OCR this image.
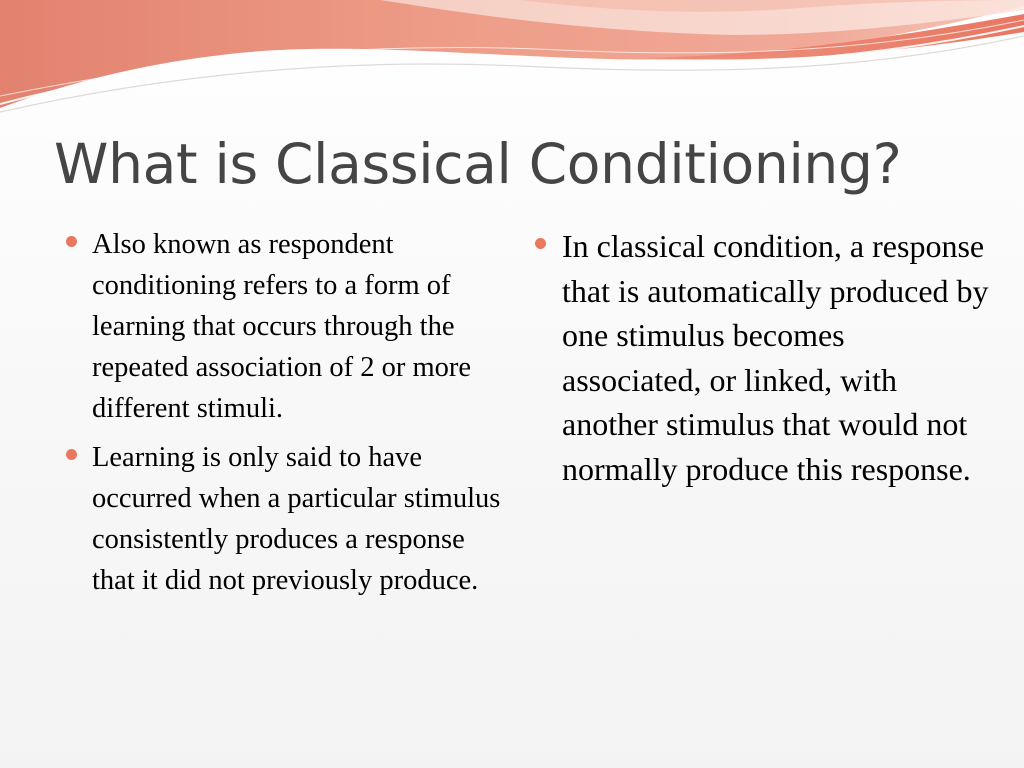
What is Classical Conditioning?
Also known as respondent conditioning refers to a form of learning that occurs through the repeated association of 2 or more different stimuli.
Learning is only said to have occurred when a particular stimulus consistently produces a response that it did not previously produce.
In classical condition, a response that is automatically produced by one stimulus becomes associated, or linked, with another stimulus that would not normally produce this response.
